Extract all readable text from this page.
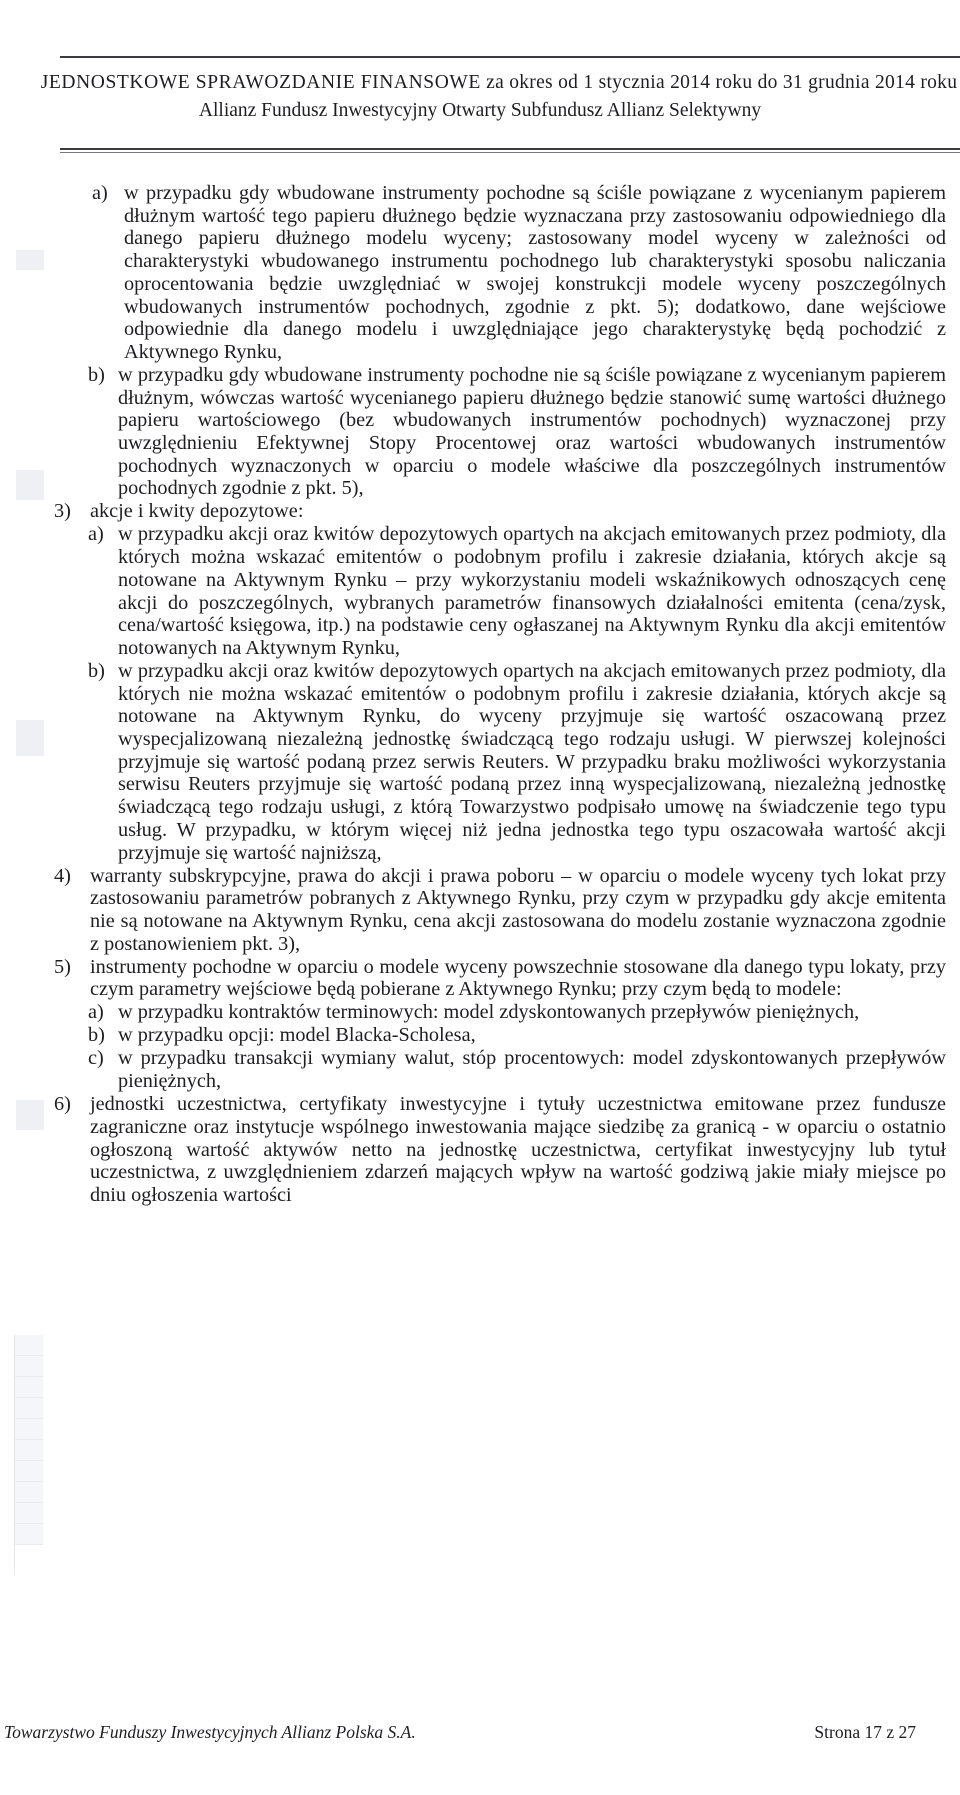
JEDNOSTKOWE SPRAWOZDANIE FINANSOWE za okres od 1 stycznia 2014 roku do 31 grudnia 2014 roku
Allianz Fundusz Inwestycyjny Otwarty Subfundusz Allianz Selektywny
a) w przypadku gdy wbudowane instrumenty pochodne są ściśle powiązane z wycenianym papierem dłużnym wartość tego papieru dłużnego będzie wyznaczana przy zastosowaniu odpowiedniego dla danego papieru dłużnego modelu wyceny; zastosowany model wyceny w zależności od charakterystyki wbudowanego instrumentu pochodnego lub charakterystyki sposobu naliczania oprocentowania będzie uwzględniać w swojej konstrukcji modele wyceny poszczególnych wbudowanych instrumentów pochodnych, zgodnie z pkt. 5); dodatkowo, dane wejściowe odpowiednie dla danego modelu i uwzględniające jego charakterystykę będą pochodzić z Aktywnego Rynku,
b) w przypadku gdy wbudowane instrumenty pochodne nie są ściśle powiązane z wycenianym papierem dłużnym, wówczas wartość wycenianego papieru dłużnego będzie stanowić sumę wartości dłużnego papieru wartościowego (bez wbudowanych instrumentów pochodnych) wyznaczonej przy uwzględnieniu Efektywnej Stopy Procentowej oraz wartości wbudowanych instrumentów pochodnych wyznaczonych w oparciu o modele właściwe dla poszczególnych instrumentów pochodnych zgodnie z pkt. 5),
3) akcje i kwity depozytowe:
a) w przypadku akcji oraz kwitów depozytowych opartych na akcjach emitowanych przez podmioty, dla których można wskazać emitentów o podobnym profilu i zakresie działania, których akcje są notowane na Aktywnym Rynku – przy wykorzystaniu modeli wskaźnikowych odnoszących cenę akcji do poszczególnych, wybranych parametrów finansowych działalności emitenta (cena/zysk, cena/wartość księgowa, itp.) na podstawie ceny ogłaszanej na Aktywnym Rynku dla akcji emitentów notowanych na Aktywnym Rynku,
b) w przypadku akcji oraz kwitów depozytowych opartych na akcjach emitowanych przez podmioty, dla których nie można wskazać emitentów o podobnym profilu i zakresie działania, których akcje są notowane na Aktywnym Rynku, do wyceny przyjmuje się wartość oszacowaną przez wyspecjalizowaną niezależną jednostkę świadczącą tego rodzaju usługi. W pierwszej kolejności przyjmuje się wartość podaną przez serwis Reuters. W przypadku braku możliwości wykorzystania serwisu Reuters przyjmuje się wartość podaną przez inną wyspecjalizowaną, niezależną jednostkę świadczącą tego rodzaju usługi, z którą Towarzystwo podpisało umowę na świadczenie tego typu usług. W przypadku, w którym więcej niż jedna jednostka tego typu oszacowała wartość akcji przyjmuje się wartość najniższą,
4) warranty subskrypcyjne, prawa do akcji i prawa poboru – w oparciu o modele wyceny tych lokat przy zastosowaniu parametrów pobranych z Aktywnego Rynku, przy czym w przypadku gdy akcje emitenta nie są notowane na Aktywnym Rynku, cena akcji zastosowana do modelu zostanie wyznaczona zgodnie z postanowieniem pkt. 3),
5) instrumenty pochodne w oparciu o modele wyceny powszechnie stosowane dla danego typu lokaty, przy czym parametry wejściowe będą pobierane z Aktywnego Rynku; przy czym będą to modele:
a) w przypadku kontraktów terminowych: model zdyskontowanych przepływów pieniężnych,
b) w przypadku opcji: model Blacka-Scholesa,
c) w przypadku transakcji wymiany walut, stóp procentowych: model zdyskontowanych przepływów pieniężnych,
6) jednostki uczestnictwa, certyfikaty inwestycyjne i tytuły uczestnictwa emitowane przez fundusze zagraniczne oraz instytucje wspólnego inwestowania mające siedzibę za granicą - w oparciu o ostatnio ogłoszoną wartość aktywów netto na jednostkę uczestnictwa, certyfikat inwestycyjny lub tytuł uczestnictwa, z uwzględnieniem zdarzeń mających wpływ na wartość godziwą jakie miały miejsce po dniu ogłoszenia wartości
Towarzystwo Funduszy Inwestycyjnych Allianz Polska S.A.	Strona 17 z 27
